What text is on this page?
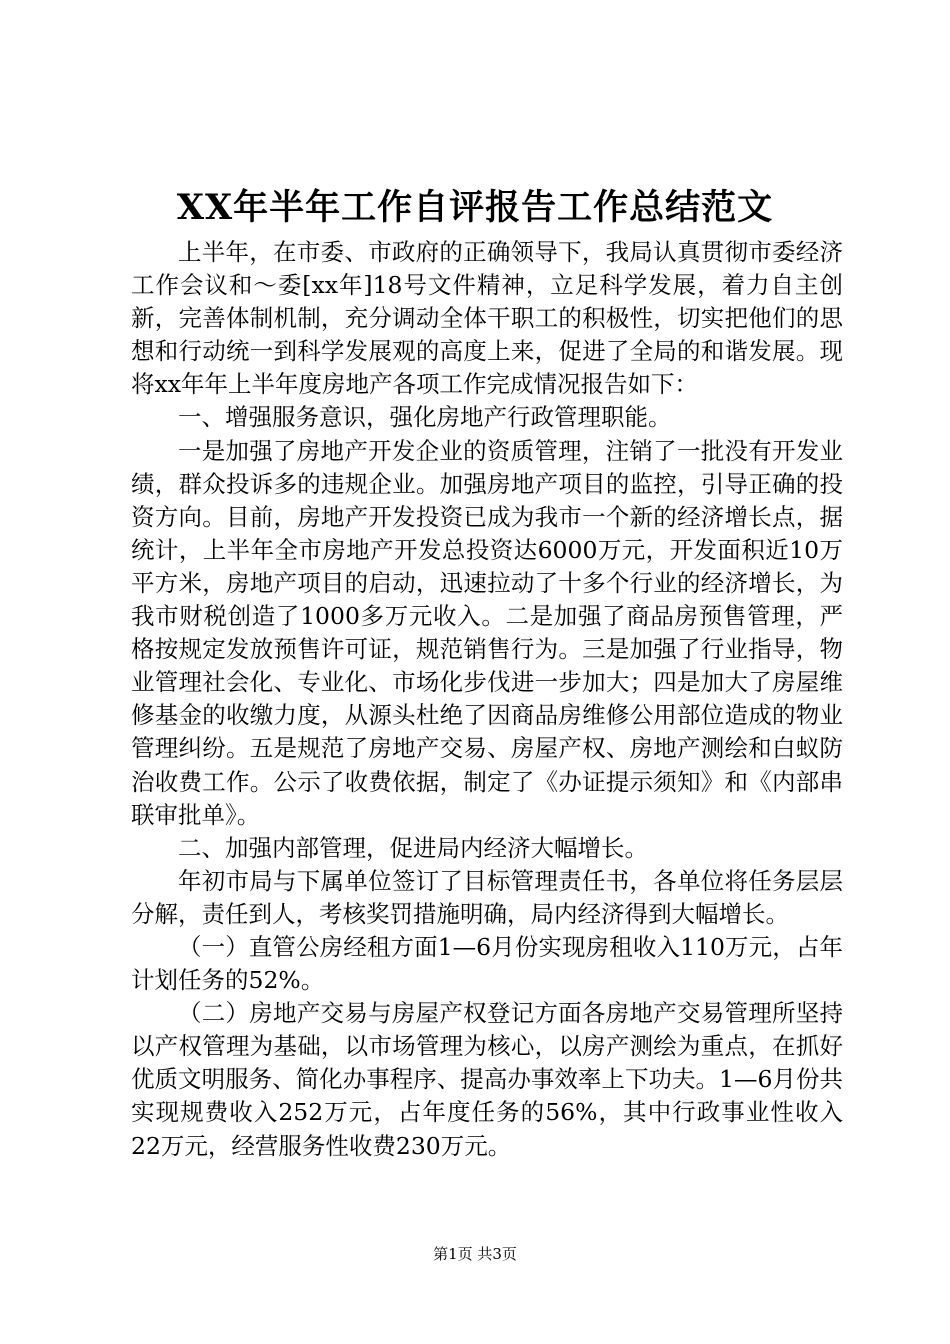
XX年半年工作自评报告工作总结范文

上半年，在市委、市政府的正确领导下，我局认真贯彻市委经济工作会议和～委[xx年]18号文件精神，立足科学发展，着力自主创新，完善体制机制，充分调动全体干职工的积极性，切实把他们的思想和行动统一到科学发展观的高度上来，促进了全局的和谐发展。现将xx年年上半年度房地产各项工作完成情况报告如下：

一、增强服务意识，强化房地产行政管理职能。

一是加强了房地产开发企业的资质管理，注销了一批没有开发业绩，群众投诉多的违规企业。加强房地产项目的监控，引导正确的投资方向。目前，房地产开发投资已成为我市一个新的经济增长点，据统计，上半年全市房地产开发总投资达6000万元，开发面积近10万平方米，房地产项目的启动，迅速拉动了十多个行业的经济增长，为我市财税创造了1000多万元收入。二是加强了商品房预售管理，严格按规定发放预售许可证，规范销售行为。三是加强了行业指导，物业管理社会化、专业化、市场化步伐进一步加大；四是加大了房屋维修基金的收缴力度，从源头杜绝了因商品房维修公用部位造成的物业管理纠纷。五是规范了房地产交易、房屋产权、房地产测绘和白蚁防治收费工作。公示了收费依据，制定了《办证提示须知》和《内部串联审批单》。

二、加强内部管理，促进局内经济大幅增长。

年初市局与下属单位签订了目标管理责任书，各单位将任务层层分解，责任到人，考核奖罚措施明确，局内经济得到大幅增长。

（一）直管公房经租方面1—6月份实现房租收入110万元，占年计划任务的52%。

（二）房地产交易与房屋产权登记方面各房地产交易管理所坚持以产权管理为基础，以市场管理为核心，以房产测绘为重点，在抓好优质文明服务、简化办事程序、提高办事效率上下功夫。1—6月份共实现规费收入252万元，占年度任务的56%，其中行政事业性收入22万元，经营服务性收费230万元。

第1页 共3页
